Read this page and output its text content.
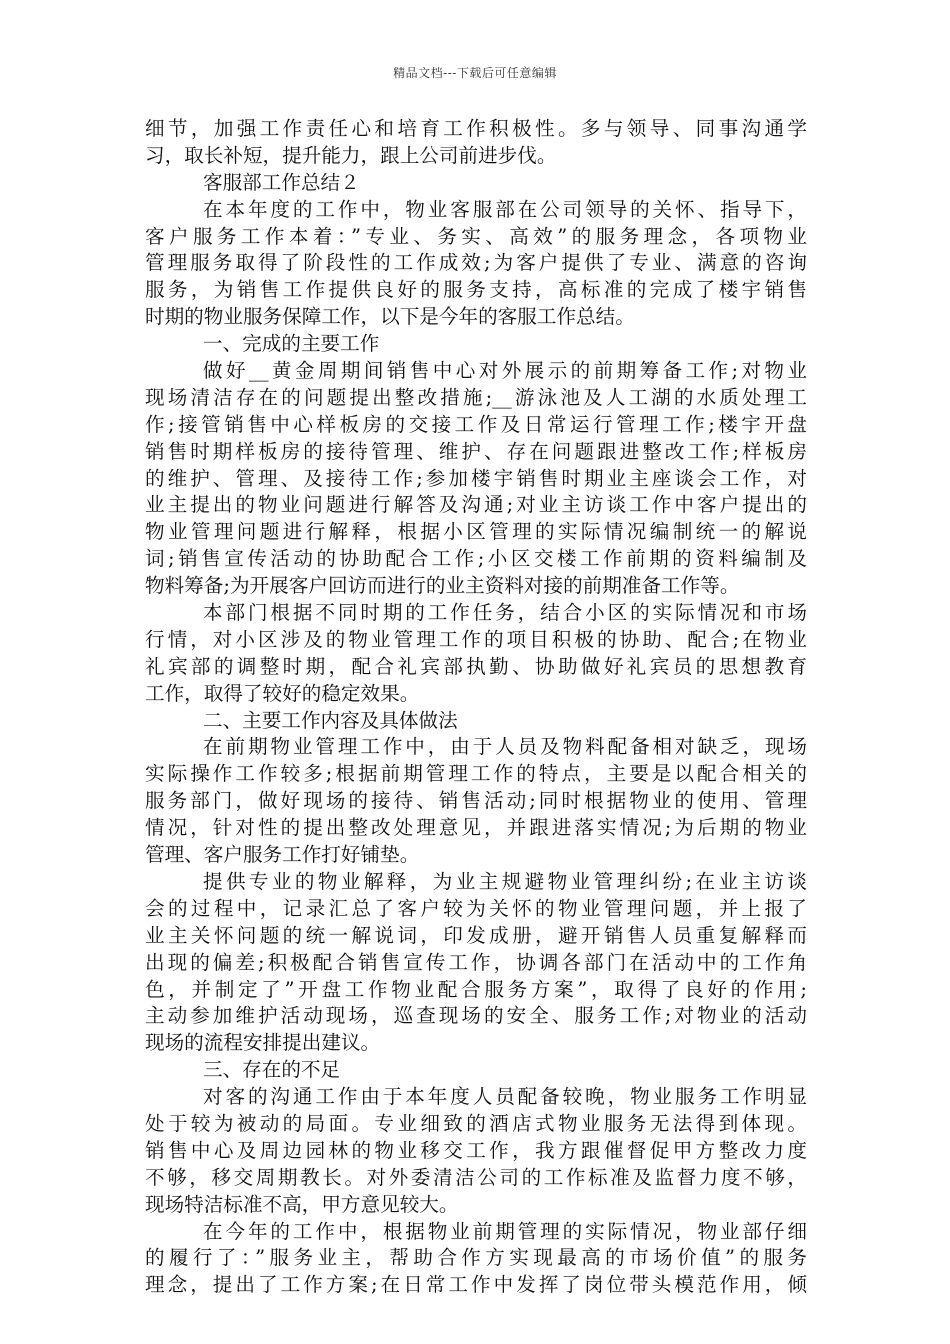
精品文档---下载后可任意编辑
细节，加强工作责任心和培育工作积极性。多与领导、同事沟通学
习，取长补短，提升能力，跟上公司前进步伐。
客服部工作总结２
在本年度的工作中，物业客服部在公司领导的关怀、指导下，
客户服务工作本着：”专业、务实、高效”的服务理念，各项物业
管理服务取得了阶段性的工作成效;为客户提供了专业、满意的咨询
服务，为销售工作提供良好的服务支持，高标准的完成了楼宇销售
时期的物业服务保障工作，以下是今年的客服工作总结。
一、完成的主要工作
做好__黄金周期间销售中心对外展示的前期筹备工作;对物业
现场清洁存在的问题提出整改措施;__游泳池及人工湖的水质处理工
作;接管销售中心样板房的交接工作及日常运行管理工作;楼宇开盘
销售时期样板房的接待管理、维护、存在问题跟进整改工作;样板房
的维护、管理、及接待工作;参加楼宇销售时期业主座谈会工作，对
业主提出的物业问题进行解答及沟通;对业主访谈工作中客户提出的
物业管理问题进行解释，根据小区管理的实际情况编制统一的解说
词;销售宣传活动的协助配合工作;小区交楼工作前期的资料编制及
物料筹备;为开展客户回访而进行的业主资料对接的前期准备工作等。
本部门根据不同时期的工作任务，结合小区的实际情况和市场
行情，对小区涉及的物业管理工作的项目积极的协助、配合;在物业
礼宾部的调整时期，配合礼宾部执勤、协助做好礼宾员的思想教育
工作，取得了较好的稳定效果。
二、主要工作内容及具体做法
在前期物业管理工作中，由于人员及物料配备相对缺乏，现场
实际操作工作较多;根据前期管理工作的特点，主要是以配合相关的
服务部门，做好现场的接待、销售活动;同时根据物业的使用、管理
情况，针对性的提出整改处理意见，并跟进落实情况;为后期的物业
管理、客户服务工作打好铺垫。
提供专业的物业解释，为业主规避物业管理纠纷;在业主访谈
会的过程中，记录汇总了客户较为关怀的物业管理问题，并上报了
业主关怀问题的统一解说词，印发成册，避开销售人员重复解释而
出现的偏差;积极配合销售宣传工作，协调各部门在活动中的工作角
色，并制定了”开盘工作物业配合服务方案”，取得了良好的作用;
主动参加维护活动现场，巡查现场的安全、服务工作;对物业的活动
现场的流程安排提出建议。
三、存在的不足
对客的沟通工作由于本年度人员配备较晚，物业服务工作明显
处于较为被动的局面。专业细致的酒店式物业服务无法得到体现。
销售中心及周边园林的物业移交工作，我方跟催督促甲方整改力度
不够，移交周期教长。对外委清洁公司的工作标准及监督力度不够，
现场特洁标准不高，甲方意见较大。
在今年的工作中，根据物业前期管理的实际情况，物业部仔细
的履行了：”服务业主，帮助合作方实现最高的市场价值”的服务
理念，提出了工作方案;在日常工作中发挥了岗位带头模范作用，倾
